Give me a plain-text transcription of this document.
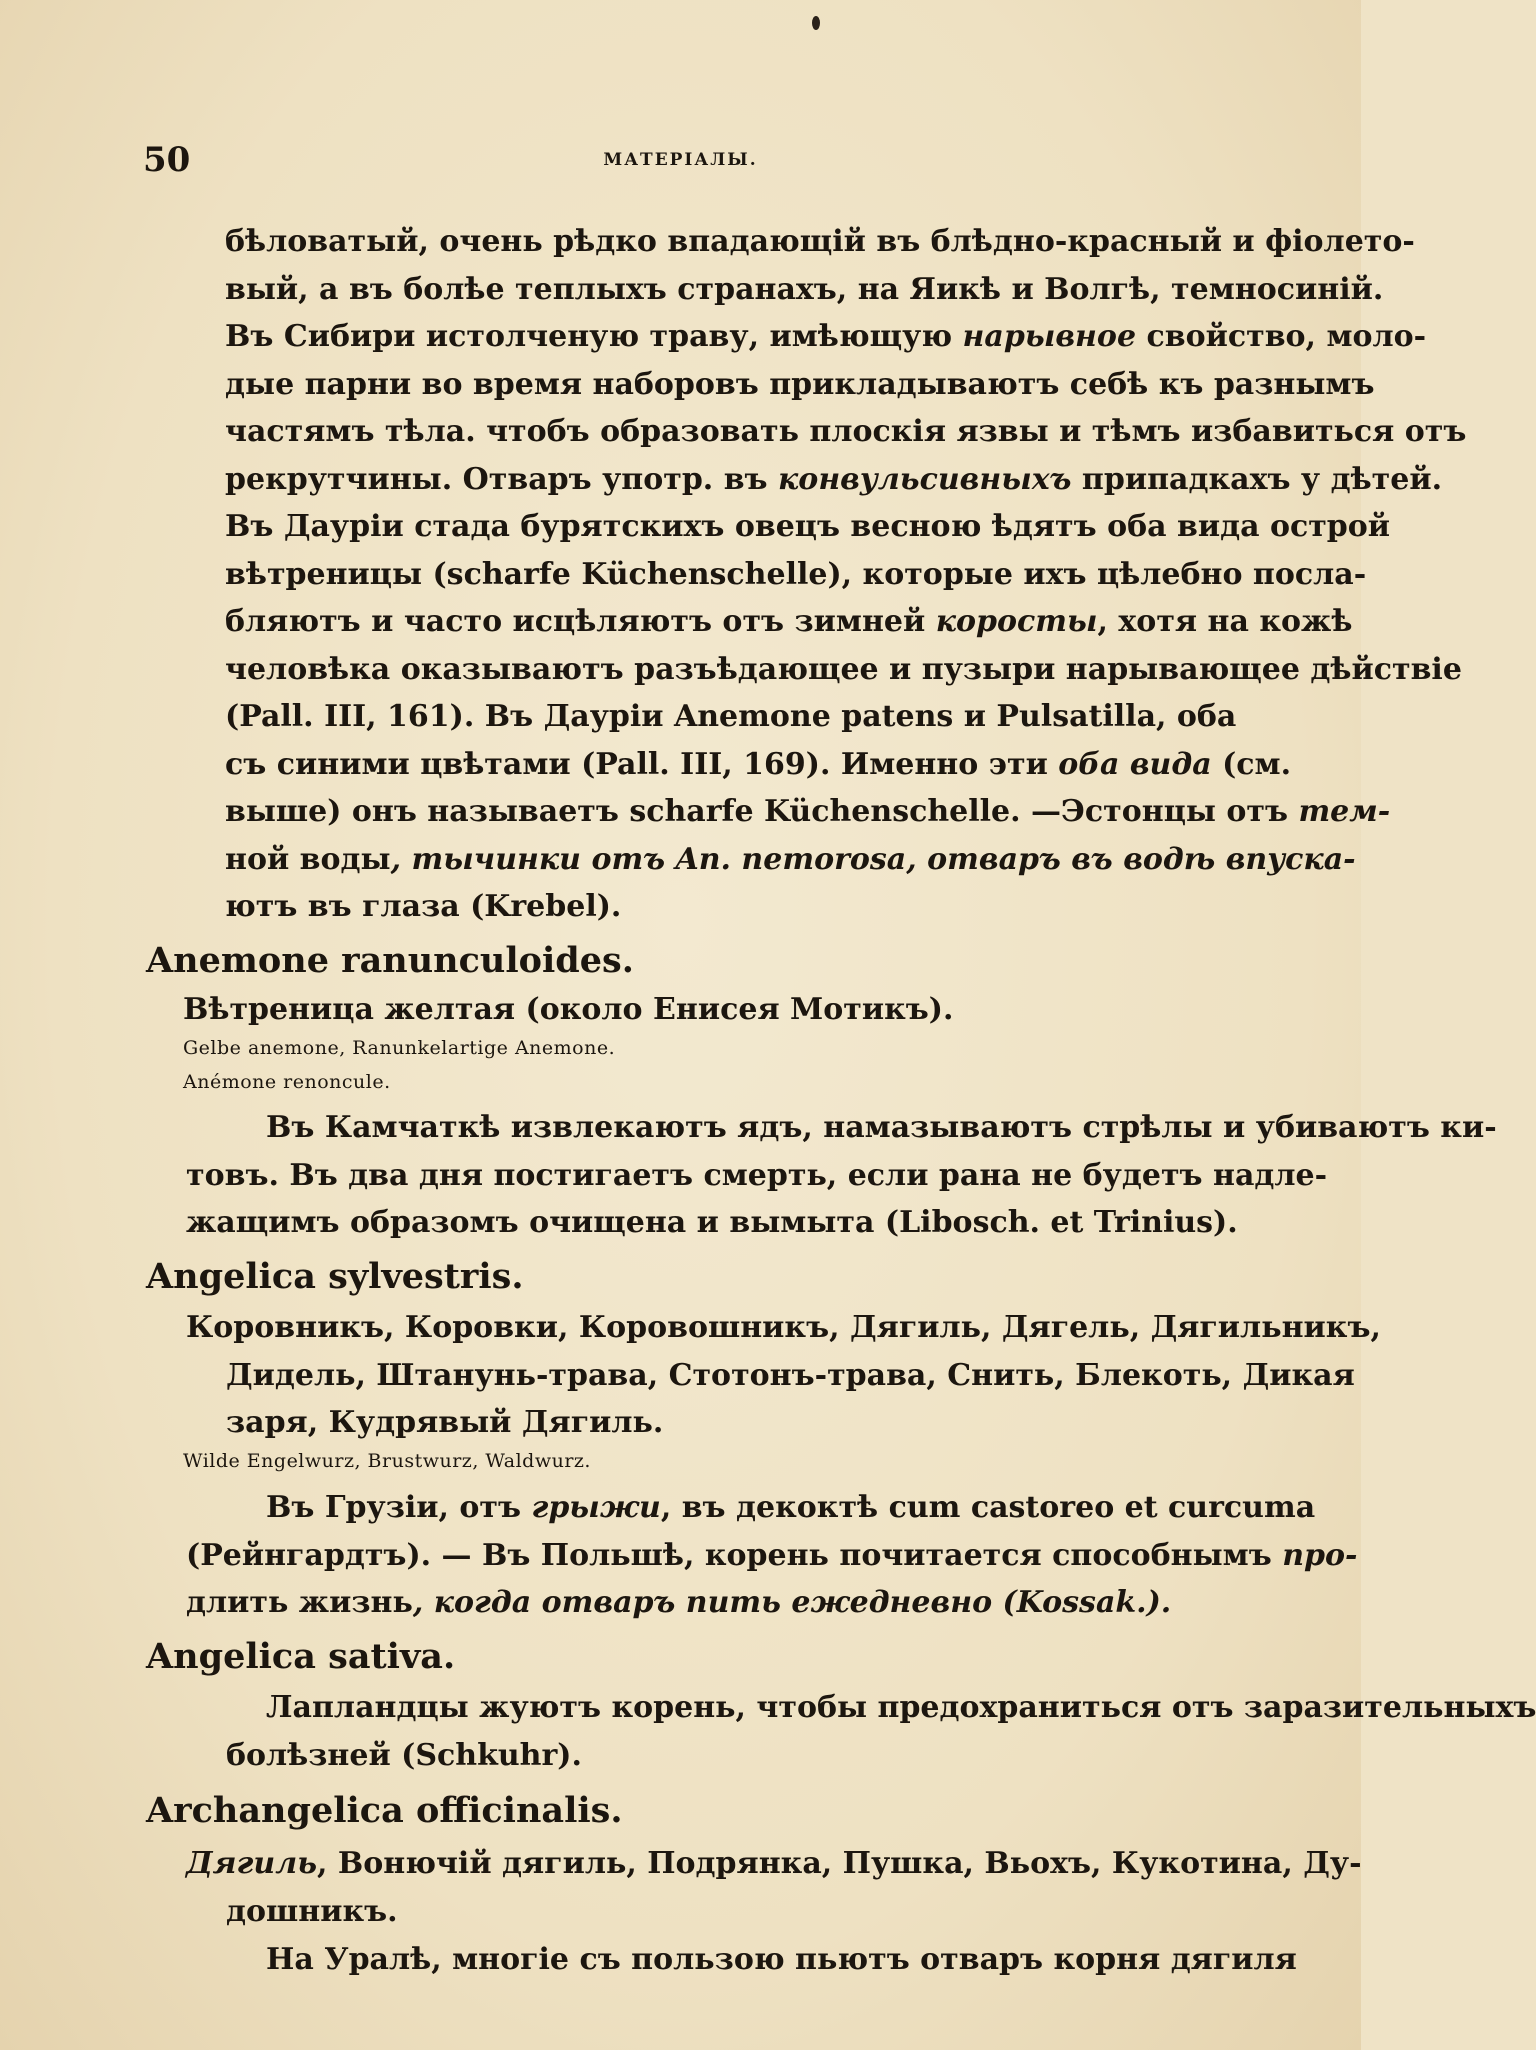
50	МАТЕРІАЛЫ.
бѣловатый, очень рѣдко впадающій въ блѣдно-красный и фіолето-
вый, а въ болѣе теплыхъ странахъ, на Яикѣ и Волгѣ, темносиній.
Въ Сибири истолченую траву, имѣющую нарывное свойство, моло-
дые парни во время наборовъ прикладываютъ себѣ къ разнымъ
частямъ тѣла. чтобъ образовать плоскія язвы и тѣмъ избавиться отъ
рекрутчины. Отваръ употр. въ конвульсивныхъ припадкахъ у дѣтей.
Въ Дауріи стада бурятскихъ овецъ весною ѣдятъ оба вида острой
вѣтреницы (scharfe Küchenschelle), которые ихъ цѣлебно посла-
бляютъ и часто исцѣляютъ отъ зимней коросты, хотя на кожѣ
человѣка оказываютъ разъѣдающее и пузыри нарывающее дѣйствіе
(Pall. III, 161). Въ Дауріи Anemone patens и Pulsatilla, оба
съ синими цвѣтами (Pall. III, 169). Именно эти оба вида (см.
выше) онъ называетъ scharfe Küchenschelle. —Эстонцы отъ тем-
ной воды, тычинки отъ An. nemorosa, отваръ въ водѣ впуска-
ютъ въ глаза (Krebel).
Anemone ranunculoides.
Вѣтреница желтая (около Енисея Мотикъ).
Gelbe anemone, Ranunkelartige Anemone.
Anémone renoncule.
Въ Камчаткѣ извлекаютъ ядъ, намазываютъ стрѣлы и убиваютъ ки-
товъ. Въ два дня постигаетъ смерть, если рана не будетъ надле-
жащимъ образомъ очищена и вымыта (Libosch. et Trinius).
Angelica sylvestris.
Коровникъ, Коровки, Коровошникъ, Дягиль, Дягель, Дягильникъ,
Дидель, Штанунь-трава, Стотонъ-трава, Снить, Блекоть, Дикая
заря, Кудрявый Дягиль.
Wilde Engelwurz, Brustwurz, Waldwurz.
Въ Грузіи, отъ грыжи, въ декоктѣ cum castoreo et curcuma
(Рейнгардтъ). — Въ Польшѣ, корень почитается способнымъ про-
длить жизнь, когда отваръ пить ежедневно (Kossak.).
Angelica sativa.
Лапландцы жуютъ корень, чтобы предохраниться отъ заразительныхъ
болѣзней (Schkuhr).
Archangelica officinalis.
Дягиль, Вонючій дягиль, Подрянка, Пушка, Вьохъ, Кукотина, Ду-
дошникъ.
На Уралѣ, многіе съ пользою пьютъ отваръ корня дягиля
